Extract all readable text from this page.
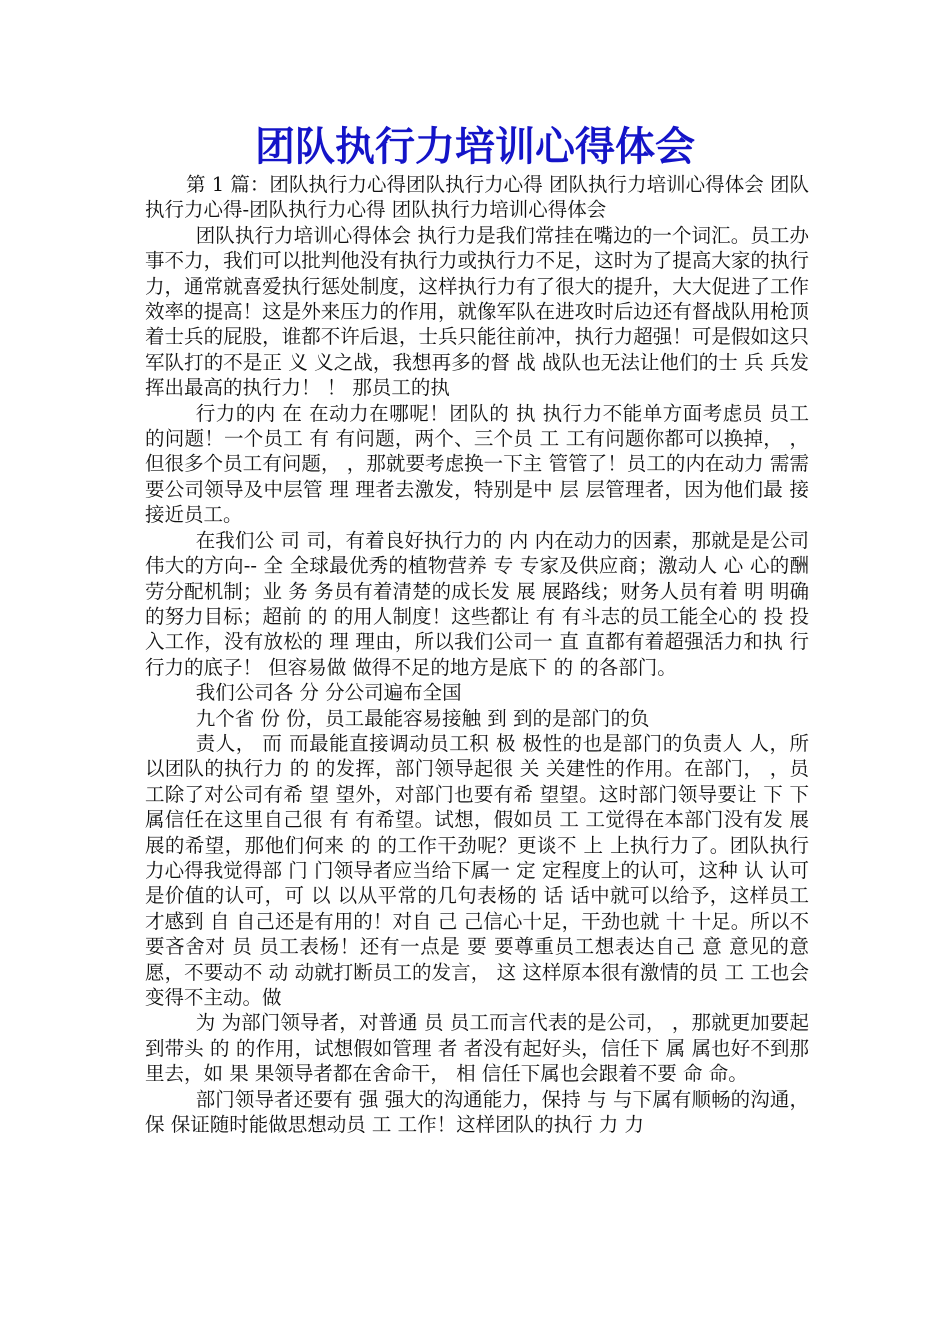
团队执行力培训心得体会

第 1 篇：团队执行力心得团队执行力心得 团队执行力培训心得体会 团队执行力心得-团队执行力心得 团队执行力培训心得体会

团队执行力培训心得体会 执行力是我们常挂在嘴边的一个词汇。员工办事不力，我们可以批判他没有执行力或执行力不足，这时为了提高大家的执行力，通常就喜爱执行惩处制度，这样执行力有了很大的提升，大大促进了工作效率的提高！这是外来压力的作用，就像军队在进攻时后边还有督战队用枪顶着士兵的屁股，谁都不许后退，士兵只能往前冲，执行力超强！可是假如这只军队打的不是正 义 义之战，我想再多的督 战 战队也无法让他们的士 兵 兵发挥出最高的执行力！ ！ 那员工的执

行力的内 在 在动力在哪呢！团队的 执 执行力不能单方面考虑员 员工的问题！一个员工 有 有问题，两个、三个员 工 工有问题你都可以换掉， ，但很多个员工有问题， ，那就要考虑换一下主 管管了！员工的内在动力 需需要公司领导及中层管 理 理者去激发，特别是中 层 层管理者，因为他们最 接 接近员工。

在我们公 司 司，有着良好执行力的 内 内在动力的因素，那就是是公司伟大的方向-- 全 全球最优秀的植物营养 专 专家及供应商；激动人 心 心的酬劳分配机制；业 务 务员有着清楚的成长发 展 展路线；财务人员有着 明 明确的努力目标；超前 的 的用人制度！这些都让 有 有斗志的员工能全心的 投 投入工作，没有放松的 理 理由，所以我们公司一 直 直都有着超强活力和执 行 行力的底子！ 但容易做 做得不足的地方是底下 的 的各部门。

我们公司各 分 分公司遍布全国

九个省 份 份，员工最能容易接触 到 到的是部门的负

责人， 而 而最能直接调动员工积 极 极性的也是部门的负责人 人，所以团队的执行力 的 的发挥，部门领导起很 关 关建性的作用。在部门， ，员工除了对公司有希 望 望外，对部门也要有希 望望。这时部门领导要让 下 下属信任在这里自己很 有 有希望。试想，假如员 工 工觉得在本部门没有发 展 展的希望，那他们何来 的 的工作干劲呢？更谈不 上 上执行力了。团队执行力心得我觉得部 门 门领导者应当给下属一 定 定程度上的认可，这种 认 认可是价值的认可，可 以 以从平常的几句表杨的 话 话中就可以给予，这样员工才感到 自 自己还是有用的！对自 己 己信心十足，干劲也就 十 十足。所以不要吝舍对 员 员工表杨！还有一点是 要 要尊重员工想表达自己 意 意见的意愿，不要动不 动 动就打断员工的发言， 这 这样原本很有激情的员 工 工也会变得不主动。做

为 为部门领导者，对普通 员 员工而言代表的是公司， ，那就更加要起到带头 的 的作用，试想假如管理 者 者没有起好头，信任下 属 属也好不到那里去，如 果 果领导者都在舍命干， 相 信任下属也会跟着不要 命 命。

部门领导者还要有 强 强大的沟通能力，保持 与 与下属有顺畅的沟通， 保 保证随时能做思想动员 工 工作！这样团队的执行 力 力
